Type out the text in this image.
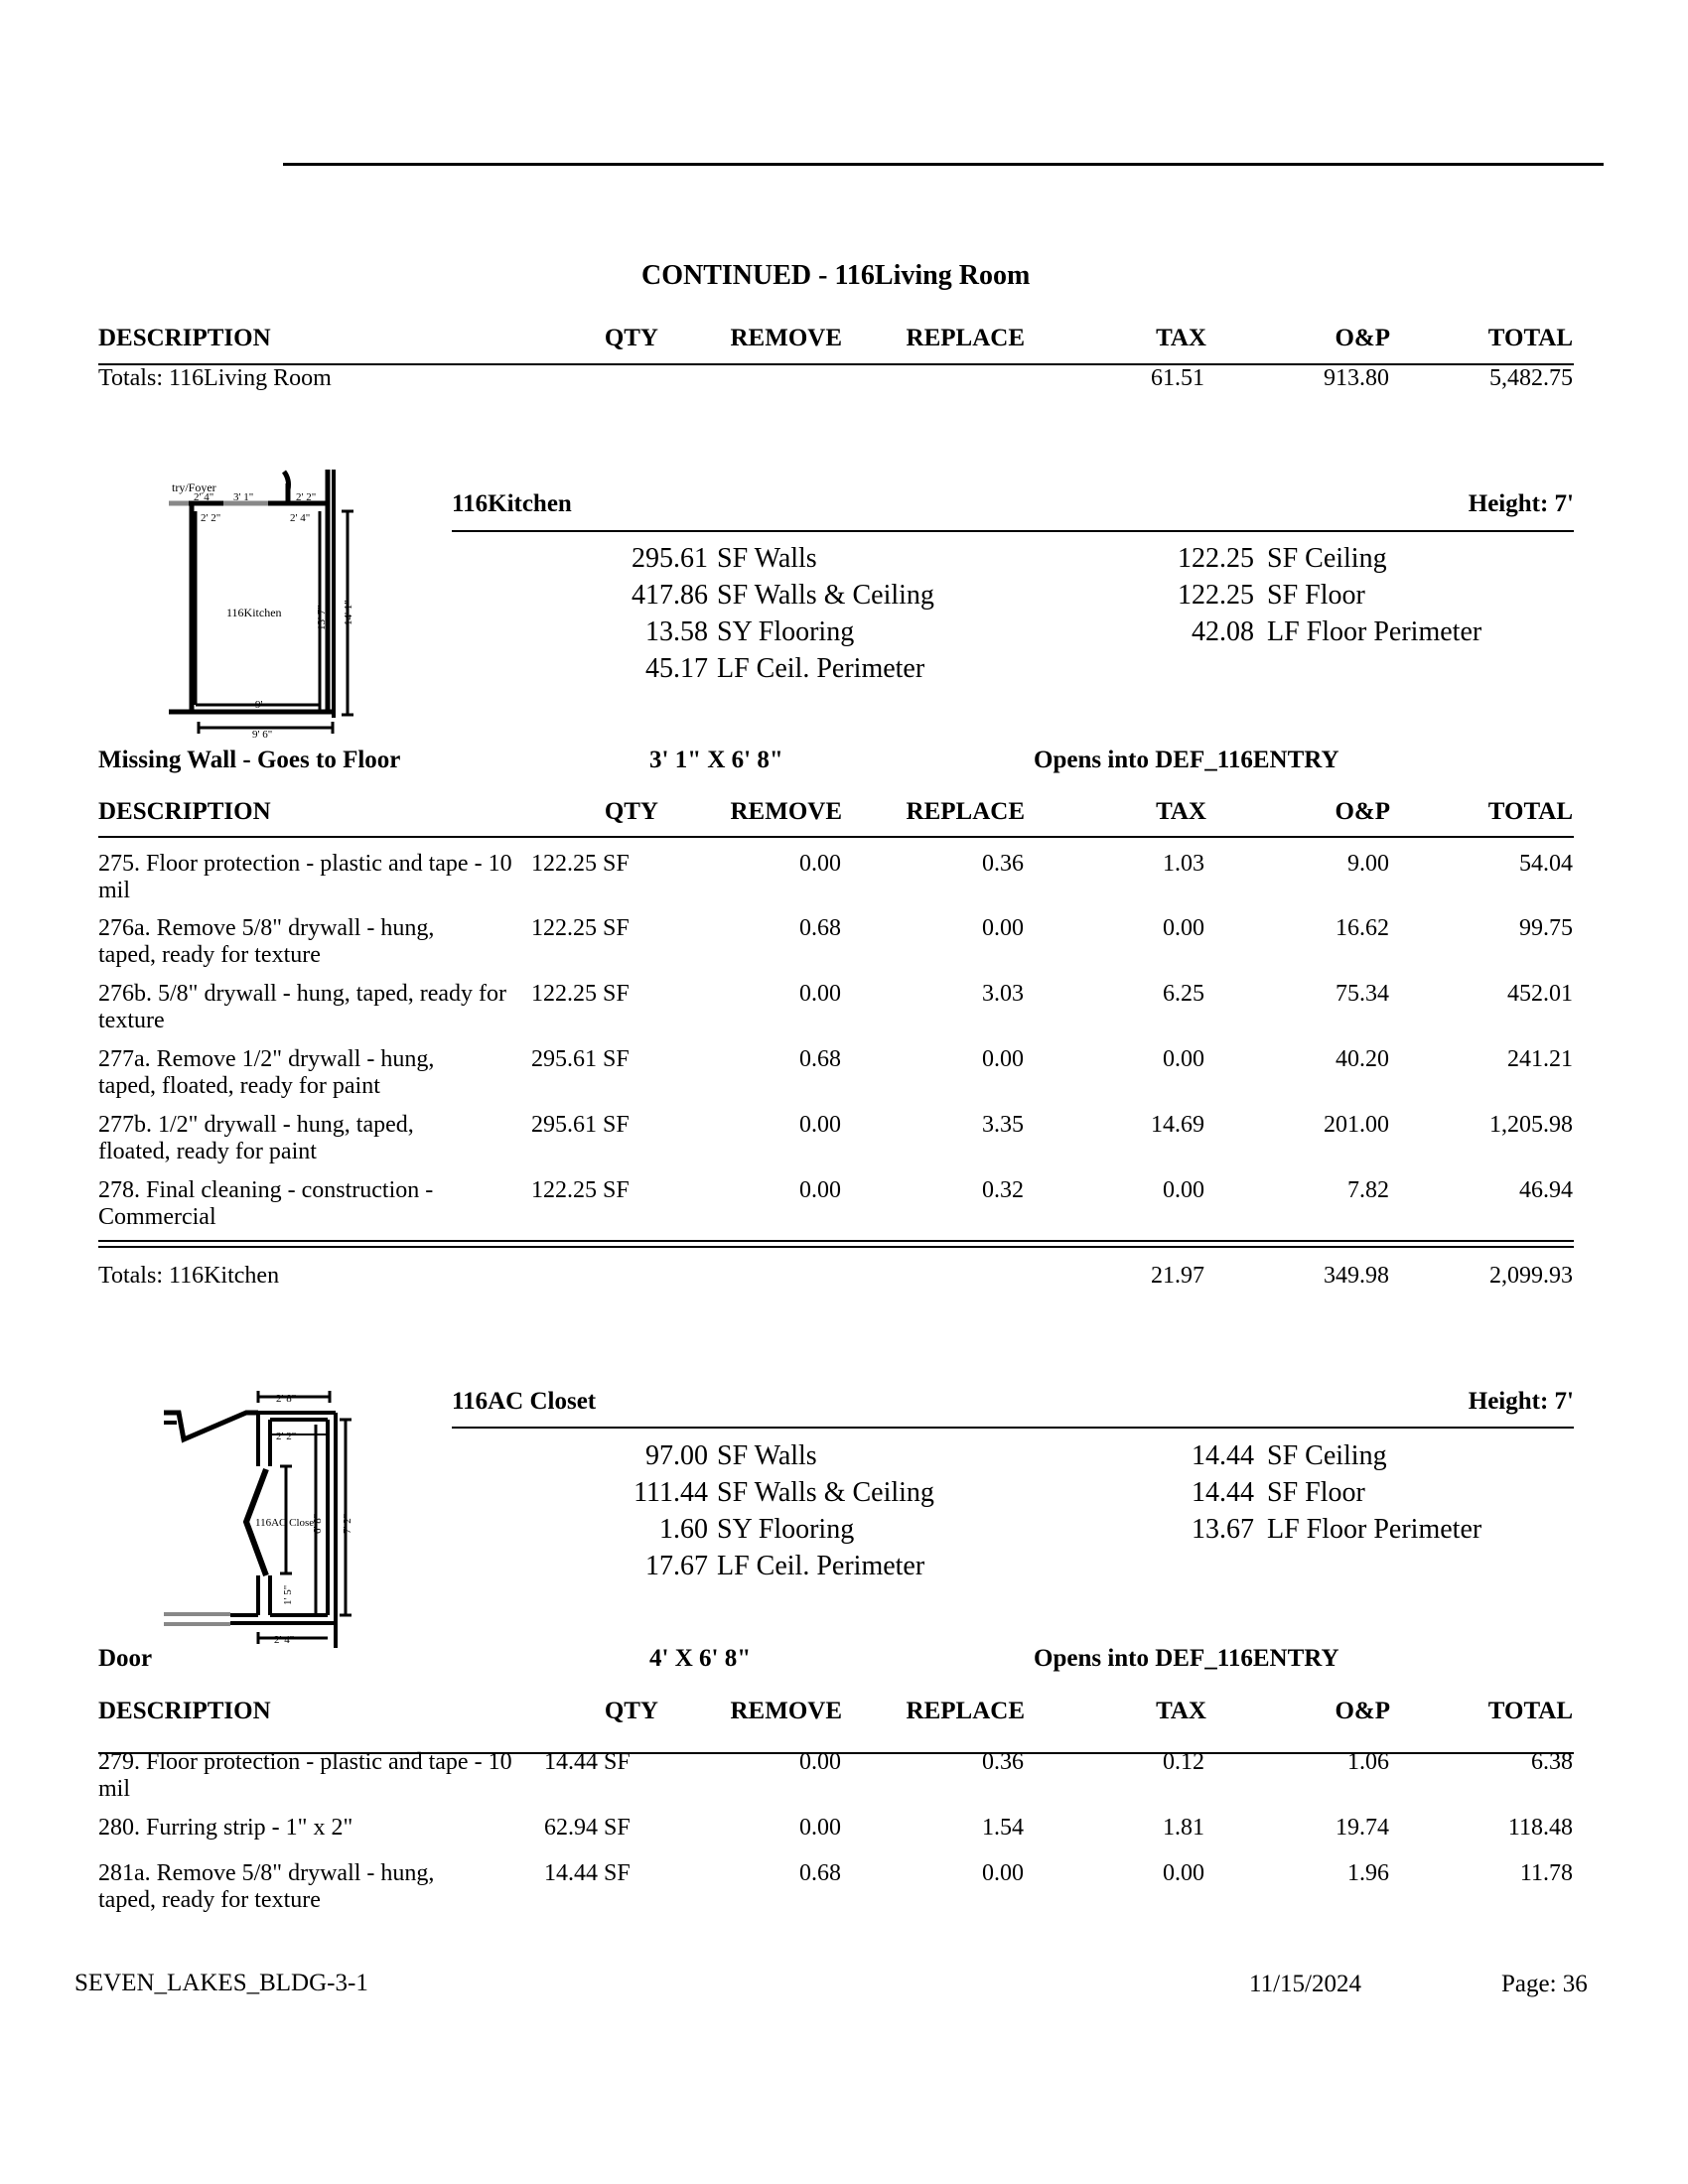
CONTINUED - 116Living Room
DESCRIPTION	QTY	REMOVE	REPLACE	TAX	O&P	TOTAL
Totals: 116Living Room	61.51	913.80	5,482.75
try/Foyer
2' 4" 3' 1"	2' 2"
2' 2"	2' 4"
116Kitchen	13' 7" 14' 1"
9'
9' 6"
116Kitchen	Height: 7'
295.61 SF Walls
417.86 SF Walls & Ceiling
13.58 SY Flooring
45.17 LF Ceil. Perimeter
122.25 SF Ceiling
122.25 SF Floor
42.08 LF Floor Perimeter
Missing Wall - Goes to Floor	3' 1" X 6' 8"	Opens into DEF_116ENTRY
DESCRIPTION	QTY	REMOVE	REPLACE	TAX	O&P	TOTAL
275. Floor protection - plastic and tape - 10 mil
122.25 SF	0.00	0.36	1.03	9.00	54.04
276a. Remove 5/8" drywall - hung, taped, ready for texture
122.25 SF	0.68	0.00	0.00	16.62	99.75
276b. 5/8" drywall - hung, taped, ready for texture
122.25 SF	0.00	3.03	6.25	75.34	452.01
277a. Remove 1/2" drywall - hung, taped, floated, ready for paint
295.61 SF	0.68	0.00	0.00	40.20	241.21
277b. 1/2" drywall - hung, taped, floated, ready for paint
295.61 SF	0.00	3.35	14.69	201.00	1,205.98
278. Final cleaning - construction - Commercial
122.25 SF	0.00	0.32	0.00	7.82	46.94
Totals: 116Kitchen	21.97	349.98	2,099.93
2' 8"
2' 2"
116AC Closet
6' 8" 7' 2"
1' 5"
2' 4"
116AC Closet	Height: 7'
97.00 SF Walls
111.44 SF Walls & Ceiling
1.60 SY Flooring
17.67 LF Ceil. Perimeter
14.44 SF Ceiling
14.44 SF Floor
13.67 LF Floor Perimeter
Door	4' X 6' 8"	Opens into DEF_116ENTRY
DESCRIPTION	QTY	REMOVE	REPLACE	TAX	O&P	TOTAL
279. Floor protection - plastic and tape - 10 mil
14.44 SF	0.00	0.36	0.12	1.06	6.38
280. Furring strip - 1" x 2"	62.94 SF	0.00	1.54	1.81	19.74	118.48
281a. Remove 5/8" drywall - hung, taped, ready for texture
14.44 SF	0.68	0.00	0.00	1.96	11.78
SEVEN_LAKES_BLDG-3-1	11/15/2024	Page: 36
